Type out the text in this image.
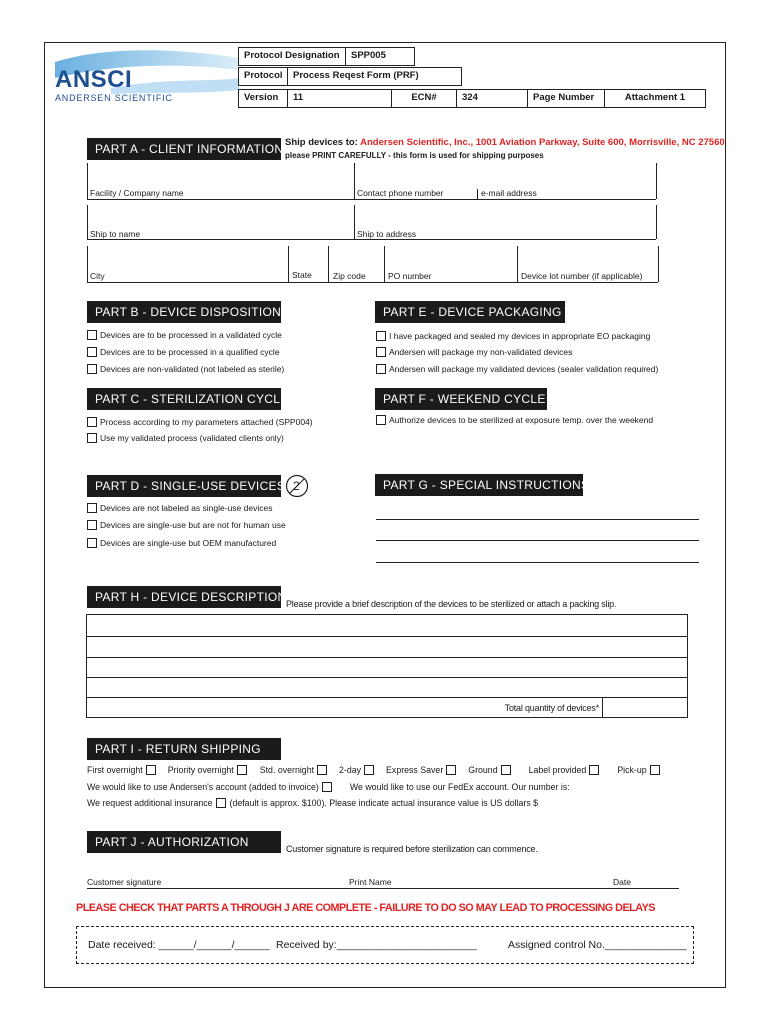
ANSCI
ANDERSEN SCIENTIFIC
Protocol Designation	SPP005
Protocol	Process Reqest Form (PRF)
Version	11	ECN#	324	Page Number	Attachment 1
PART A - CLIENT INFORMATION Ship devices to: Andersen Scientific, Inc., 1001 Aviation Parkway, Suite 600, Morrisville, NC 27560
please PRINT CAREFULLY - this form is used for shipping purposes
Facility / Company name	Contact phone number	e-mail address
Ship to name	Ship to address
City	State Zip code	PO number	Device lot number (if applicable)
PART B - DEVICE DISPOSITION
Devices are to be processed in a validated cycle
Devices are to be processed in a qualified cycle
Devices are non-validated (not labeled as sterile)
PART E - DEVICE PACKAGING
I have packaged and sealed my devices in appropriate EO packaging
Andersen will package my non-validated devices
Andersen will package my validated devices (sealer validation required)
PART C - STERILIZATION CYCLE
Process according to my parameters attached (SPP004)
Use my validated process (validated clients only)
PART F - WEEKEND CYCLE
Authorize devices to be sterilized at exposure temp. over the weekend
PART D - SINGLE-USE DEVICES 2
Devices are not labeled as single-use devices
Devices are single-use but are not for human use
Devices are single-use but OEM manufactured
PART G - SPECIAL INSTRUCTIONS
PART H - DEVICE DESCRIPTION Please provide a brief description of the devices to be sterilized or attach a packing slip.
Total quantity of devices*
PART I - RETURN SHIPPING
First overnight	Priority overnight	Std. overnight	2-day	Express Saver	Ground	Label provided	Pick-up
We would like to use Andersen's account (added to invoice)	We would like to use our FedEx account. Our number is:
We request additional insurance (default is approx. $100). Please indicate actual insurance value is US dollars $
PART J - AUTHORIZATION	Customer signature is required before sterilization can commence.
Customer signature	Print Name	Date
PLEASE CHECK THAT PARTS A THROUGH J ARE COMPLETE - FAILURE TO DO SO MAY LEAD TO PROCESSING DELAYS
Date received: ______/______/______ Received by:________________________	Assigned control No.______________
